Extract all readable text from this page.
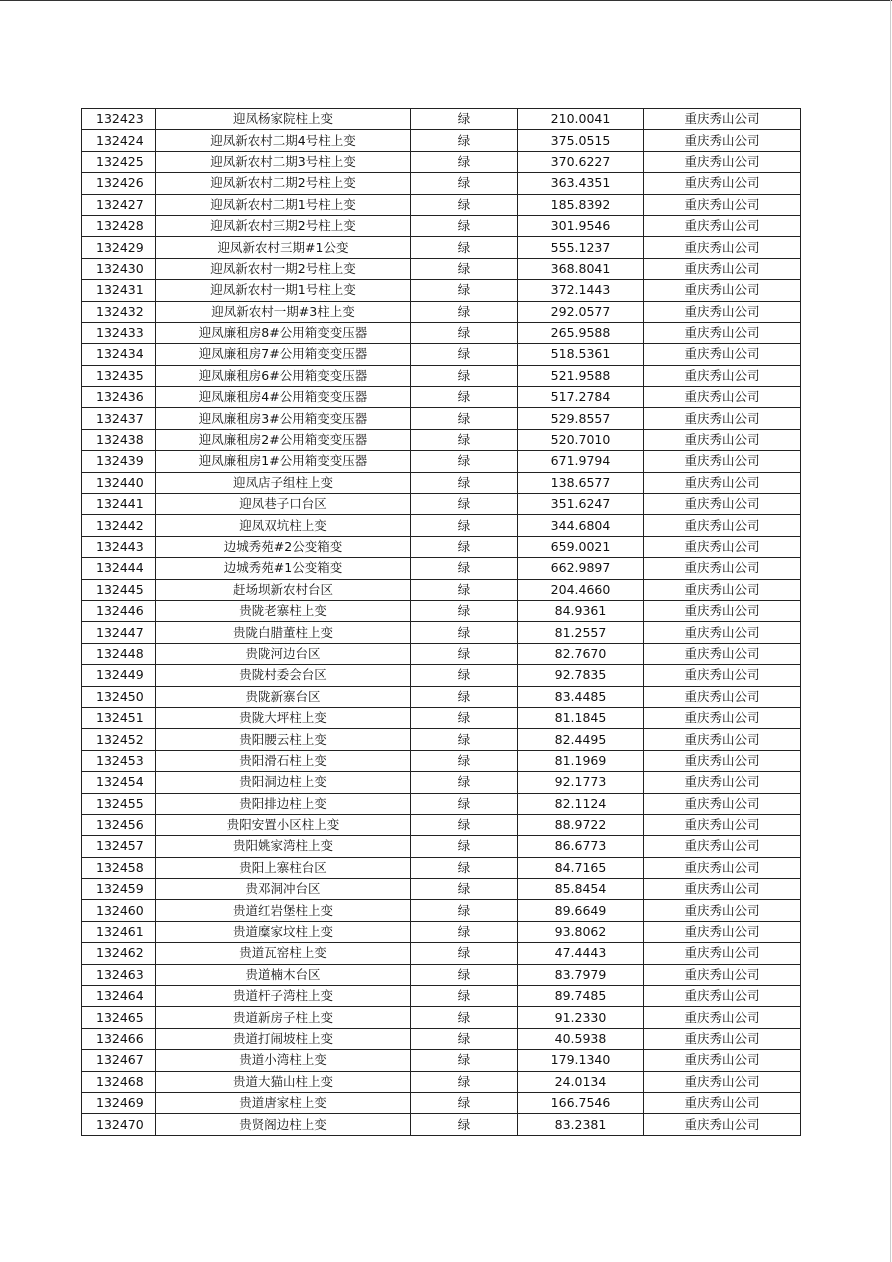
132423	迎凤杨家院柱上变	绿	210.0041	重庆秀山公司
132424	迎凤新农村二期4号柱上变	绿	375.0515	重庆秀山公司
132425	迎凤新农村二期3号柱上变	绿	370.6227	重庆秀山公司
132426	迎凤新农村二期2号柱上变	绿	363.4351	重庆秀山公司
132427	迎凤新农村二期1号柱上变	绿	185.8392	重庆秀山公司
132428	迎凤新农村三期2号柱上变	绿	301.9546	重庆秀山公司
132429	迎凤新农村三期#1公变	绿	555.1237	重庆秀山公司
132430	迎凤新农村一期2号柱上变	绿	368.8041	重庆秀山公司
132431	迎凤新农村一期1号柱上变	绿	372.1443	重庆秀山公司
132432	迎凤新农村一期#3柱上变	绿	292.0577	重庆秀山公司
132433	迎凤廉租房8#公用箱变变压器	绿	265.9588	重庆秀山公司
132434	迎凤廉租房7#公用箱变变压器	绿	518.5361	重庆秀山公司
132435	迎凤廉租房6#公用箱变变压器	绿	521.9588	重庆秀山公司
132436	迎凤廉租房4#公用箱变变压器	绿	517.2784	重庆秀山公司
132437	迎凤廉租房3#公用箱变变压器	绿	529.8557	重庆秀山公司
132438	迎凤廉租房2#公用箱变变压器	绿	520.7010	重庆秀山公司
132439	迎凤廉租房1#公用箱变变压器	绿	671.9794	重庆秀山公司
132440	迎凤店子组柱上变	绿	138.6577	重庆秀山公司
132441	迎凤巷子口台区	绿	351.6247	重庆秀山公司
132442	迎凤双坑柱上变	绿	344.6804	重庆秀山公司
132443	边城秀苑#2公变箱变	绿	659.0021	重庆秀山公司
132444	边城秀苑#1公变箱变	绿	662.9897	重庆秀山公司
132445	赶场坝新农村台区	绿	204.4660	重庆秀山公司
132446	贵陇老寨柱上变	绿	84.9361	重庆秀山公司
132447	贵陇白腊董柱上变	绿	81.2557	重庆秀山公司
132448	贵陇河边台区	绿	82.7670	重庆秀山公司
132449	贵陇村委会台区	绿	92.7835	重庆秀山公司
132450	贵陇新寨台区	绿	83.4485	重庆秀山公司
132451	贵陇大坪柱上变	绿	81.1845	重庆秀山公司
132452	贵阳腰云柱上变	绿	82.4495	重庆秀山公司
132453	贵阳滑石柱上变	绿	81.1969	重庆秀山公司
132454	贵阳洞边柱上变	绿	92.1773	重庆秀山公司
132455	贵阳排边柱上变	绿	82.1124	重庆秀山公司
132456	贵阳安置小区柱上变	绿	88.9722	重庆秀山公司
132457	贵阳姚家湾柱上变	绿	86.6773	重庆秀山公司
132458	贵阳上寨柱台区	绿	84.7165	重庆秀山公司
132459	贵邓洞冲台区	绿	85.8454	重庆秀山公司
132460	贵道红岩堡柱上变	绿	89.6649	重庆秀山公司
132461	贵道糜家坟柱上变	绿	93.8062	重庆秀山公司
132462	贵道瓦窑柱上变	绿	47.4443	重庆秀山公司
132463	贵道楠木台区	绿	83.7979	重庆秀山公司
132464	贵道杆子湾柱上变	绿	89.7485	重庆秀山公司
132465	贵道新房子柱上变	绿	91.2330	重庆秀山公司
132466	贵道打闹坡柱上变	绿	40.5938	重庆秀山公司
132467	贵道小湾柱上变	绿	179.1340	重庆秀山公司
132468	贵道大猫山柱上变	绿	24.0134	重庆秀山公司
132469	贵道唐家柱上变	绿	166.7546	重庆秀山公司
132470	贵贤阁边柱上变	绿	83.2381	重庆秀山公司
